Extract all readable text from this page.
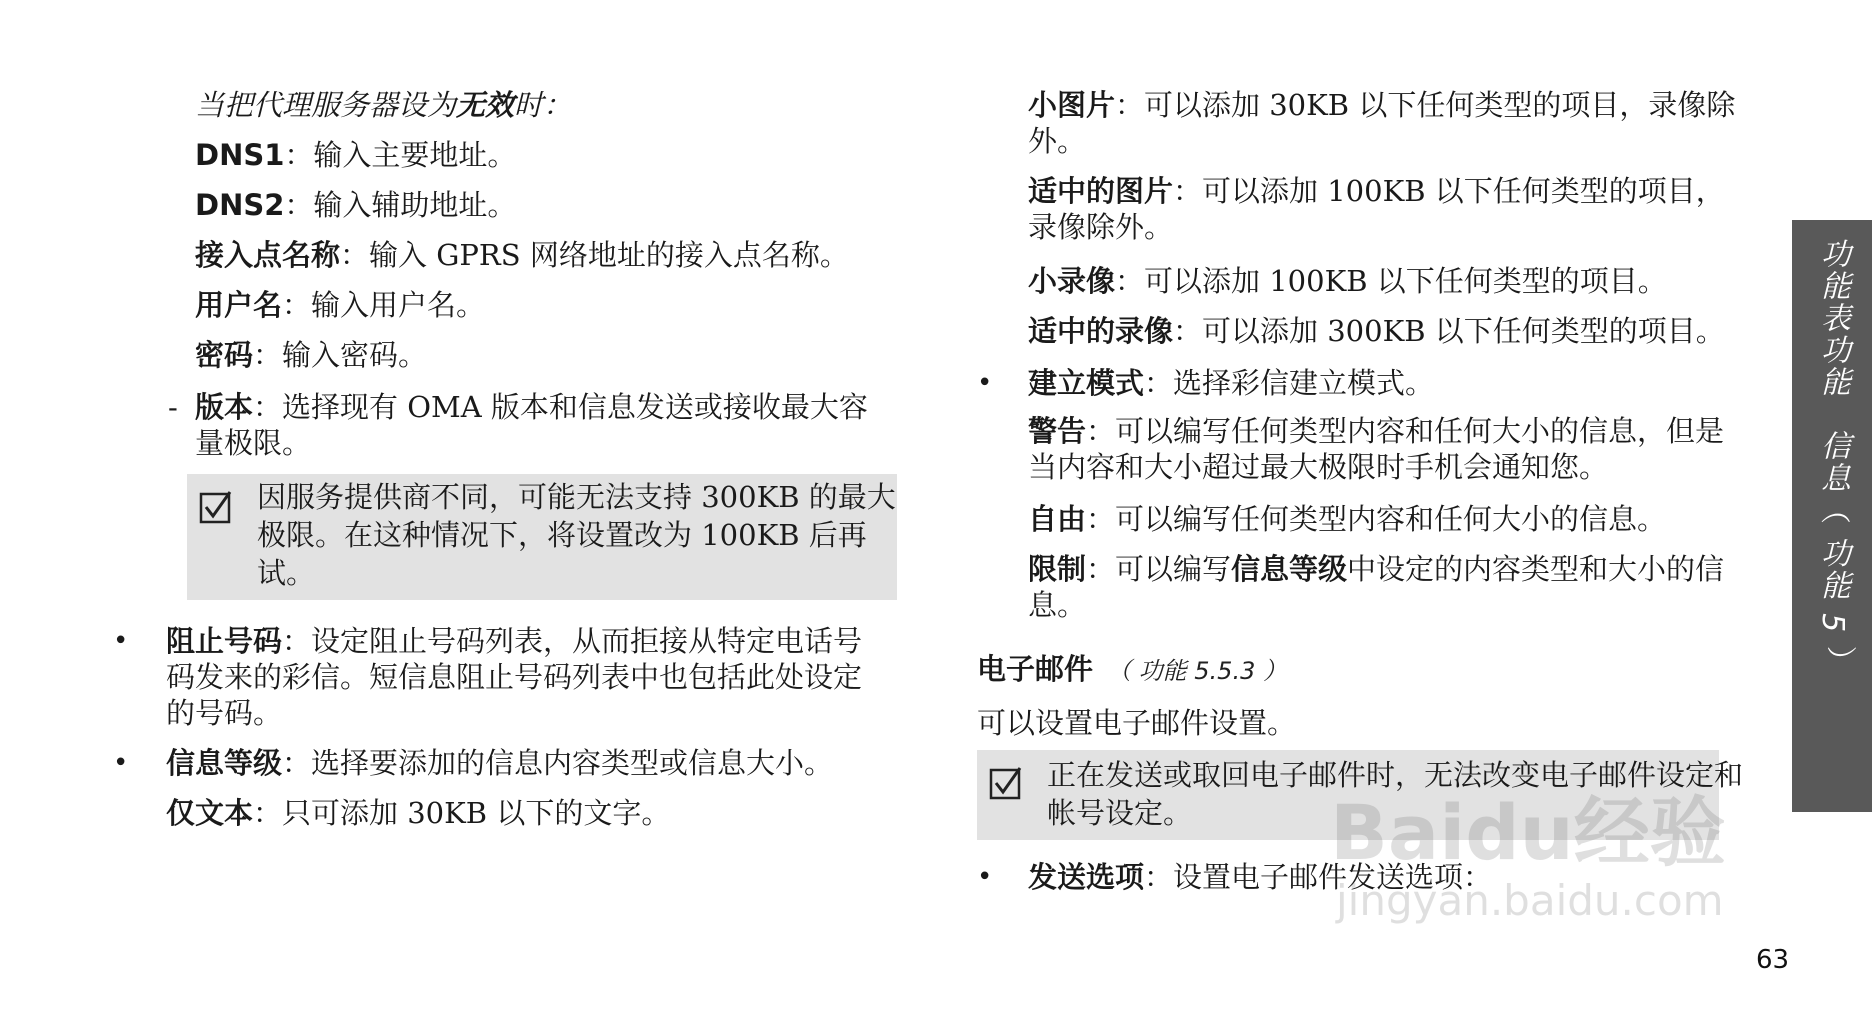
当把代理服务器设为无效时：
DNS1：输入主要地址。
DNS2：输入辅助地址。
接入点名称：输入 GPRS 网络地址的接入点名称。
用户名：输入用户名。
密码：输入密码。
- 版本：选择现有 OMA 版本和信息发送或接收最大容
量极限。
因服务提供商不同，可能无法支持 300KB 的最大
极限。在这种情况下，将设置改为 100KB 后再
试。
• 阻止号码：设定阻止号码列表，从而拒接从特定电话号
码发来的彩信。短信息阻止号码列表中也包括此处设定
的号码。
• 信息等级：选择要添加的信息内容类型或信息大小。
仅文本：只可添加 30KB 以下的文字。
小图片：可以添加 30KB 以下任何类型的项目，录像除
外。
适中的图片：可以添加 100KB 以下任何类型的项目，
录像除外。
小录像：可以添加 100KB 以下任何类型的项目。
适中的录像：可以添加 300KB 以下任何类型的项目。
• 建立模式：选择彩信建立模式。
警告：可以编写任何类型内容和任何大小的信息，但是
当内容和大小超过最大极限时手机会通知您。
自由：可以编写任何类型内容和任何大小的信息。
限制：可以编写信息等级中设定的内容类型和大小的信
息。
电子邮件 （ 功能 5.5.3 ）
可以设置电子邮件设置。
正在发送或取回电子邮件时，无法改变电子邮件设定和
帐号设定。
• 发送选项：设置电子邮件发送选项：
功能表功能　信息（ 功能 5 ）
Baidu经验
jingyan.baidu.com
63
